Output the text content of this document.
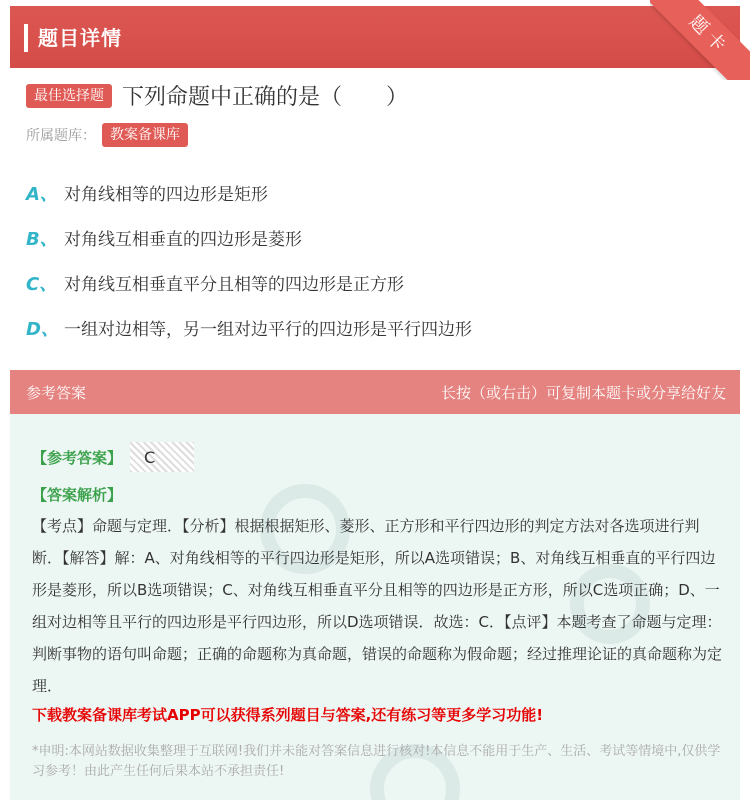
题目详情	题卡
最佳选择题 下列命题中正确的是（　　）
所属题库：	教案备课库
A、 对角线相等的四边形是矩形
B、 对角线互相垂直的四边形是菱形
C、 对角线互相垂直平分且相等的四边形是正方形
D、 一组对边相等，另一组对边平行的四边形是平行四边形
参考答案	长按（或右击）可复制本题卡或分享给好友
【参考答案】	C
【答案解析】
【考点】命题与定理．【分析】根据根据矩形、菱形、正方形和平行四边形的判定方法对各选项进行判断．【解答】解：A、对角线相等的平行四边形是矩形，所以A选项错误；B、对角线互相垂直的平行四边形是菱形，所以B选项错误；C、对角线互相垂直平分且相等的四边形是正方形，所以C选项正确；D、一组对边相等且平行的四边形是平行四边形，所以D选项错误．故选：C．【点评】本题考查了命题与定理：判断事物的语句叫命题；正确的命题称为真命题，错误的命题称为假命题；经过推理论证的真命题称为定理．
下载教案备课库考试APP可以获得系列题目与答案,还有练习等更多学习功能!
*申明:本网站数据收集整理于互联网!我们并未能对答案信息进行核对!本信息不能用于生产、生活、考试等情境中,仅供学习参考！由此产生任何后果本站不承担责任!
